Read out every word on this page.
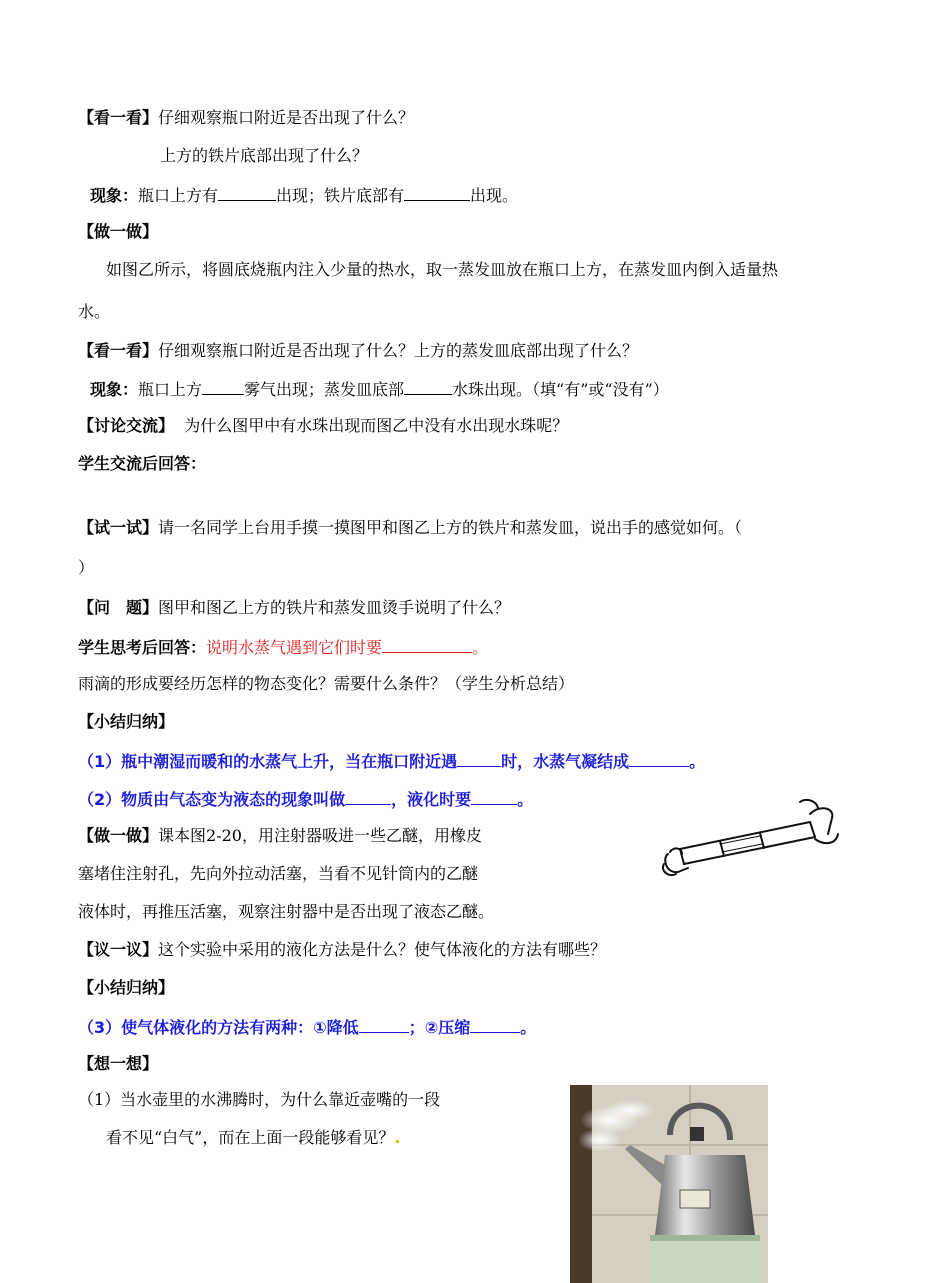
【看一看】仔细观察瓶口附近是否出现了什么？
上方的铁片底部出现了什么？
现象：瓶口上方有	出现；铁片底部有	出现。
【做一做】
如图乙所示，将圆底烧瓶内注入少量的热水，取一蒸发皿放在瓶口上方，在蒸发皿内倒入适量热
水。
【看一看】仔细观察瓶口附近是否出现了什么？上方的蒸发皿底部出现了什么？
现象：瓶口上方	雾气出现；蒸发皿底部	水珠出现。（填“有”或“没有”）
【讨论交流】 为什么图甲中有水珠出现而图乙中没有水出现水珠呢？
学生交流后回答：
【试一试】请一名同学上台用手摸一摸图甲和图乙上方的铁片和蒸发皿，说出手的感觉如何。（
）
【问　题】图甲和图乙上方的铁片和蒸发皿烫手说明了什么？
学生思考后回答：说明水蒸气遇到它们时要	。
雨滴的形成要经历怎样的物态变化？需要什么条件？（学生分析总结）
【小结归纳】
（1）瓶中潮湿而暖和的水蒸气上升，当在瓶口附近遇	时，水蒸气凝结成	。
（2）物质由气态变为液态的现象叫做	，液化时要	。
【做一做】课本图2-20，用注射器吸进一些乙醚，用橡皮
塞堵住注射孔，先向外拉动活塞，当看不见针筒内的乙醚
液体时，再推压活塞，观察注射器中是否出现了液态乙醚。
【议一议】这个实验中采用的液化方法是什么？使气体液化的方法有哪些？
【小结归纳】
（3）使气体液化的方法有两种：①降低	；②压缩	。
【想一想】
（1）当水壶里的水沸腾时，为什么靠近壶嘴的一段
看不见“白气”，而在上面一段能够看见？
